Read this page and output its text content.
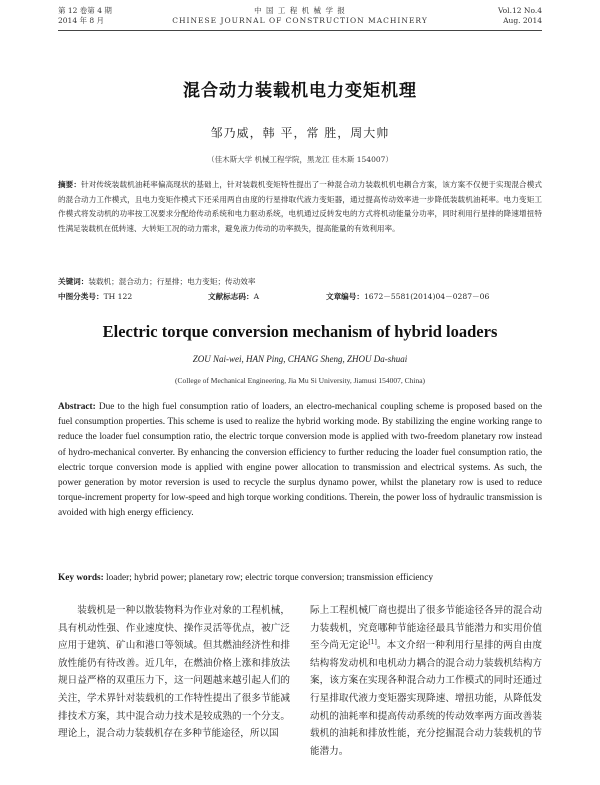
第 12 卷第 4 期
2014 年 8 月
中 国 工 程 机 械 学 报
CHINESE JOURNAL OF CONSTRUCTION MACHINERY
Vol.12 No.4
Aug. 2014
混合动力装载机电力变矩机理
邹乃威，韩 平，常 胜，周大帅
（佳木斯大学 机械工程学院，黑龙江 佳木斯 154007）
摘要：针对传统装载机油耗率偏高现状的基础上，针对装载机变矩特性提出了一种混合动力装载机机电耦合方案，该方案不仅便于实现混合模式的混合动力工作模式，且电力变矩作模式下还采用两自由度的行星排取代液力变矩器，通过提高传动效率进一步降低装载机油耗率。电力变矩工作模式将发动机的功率按工况要求分配给传动系统和电力驱动系统，电机通过反转发电的方式将机动能量分功率，同时利用行星排的降速增扭特性满足装载机在低转速、大转矩工况的动力需求，避免液力传动的功率损失，提高能量的有效利用率。
关键词：装载机；混合动力；行星排；电力变矩；传动效率
中图分类号：TH 122	文献标志码：A	文章编号：1672－5581(2014)04－0287－06
Electric torque conversion mechanism of hybrid loaders
ZOU Nai-wei, HAN Ping, CHANG Sheng, ZHOU Da-shuai
(College of Mechanical Engineering, Jia Mu Si University, Jiamusi 154007, China)
Abstract: Due to the high fuel consumption ratio of loaders, an electro-mechanical coupling scheme is proposed based on the fuel consumption properties. This scheme is used to realize the hybrid working mode. By stabilizing the engine working range to reduce the loader fuel consumption ratio, the electric torque conversion mode is applied with two-freedom planetary row instead of hydro-mechanical converter. By enhancing the conversion efficiency to further reducing the loader fuel consumption ratio, the electric torque conversion mode is applied with engine power allocation to transmission and electrical systems. As such, the power generation by motor reversion is used to recycle the surplus dynamo power, whilst the planetary row is used to reduce torque-increment property for low-speed and high torque working conditions. Therein, the power loss of hydraulic transmission is avoided with high energy efficiency.
Key words: loader; hybrid power; planetary row; electric torque conversion; transmission efficiency
装载机是一种以散装物料为作业对象的工程机械，具有机动性强、作业速度快、操作灵活等优点，被广泛应用于建筑、矿山和港口等领域。但其燃油经济性和排放性能仍有待改善。近几年，在燃油价格上涨和排放法规日益严格的双重压力下，这一问题越来越引起人们的关注，学术界针对装载机的工作特性提出了很多节能减排技术方案，其中混合动力技术是较成熟的一个分支。理论上，混合动力装载机存在多种节能途径，所以国
际上工程机械厂商也提出了很多节能途径各异的混合动力装载机，究竟哪种节能途径最具节能潜力和实用价值至今尚无定论[1]。本文介绍一种利用行星排的两自由度结构将发动机和电机动力耦合的混合动力装载机结构方案，该方案在实现各种混合动力工作模式的同时还通过行星排取代液力变矩器实现降速、增扭功能，从降低发动机的油耗率和提高传动系统的传动效率两方面改善装载机的油耗和排放性能，充分挖掘混合动力装载机的节能潜力。
